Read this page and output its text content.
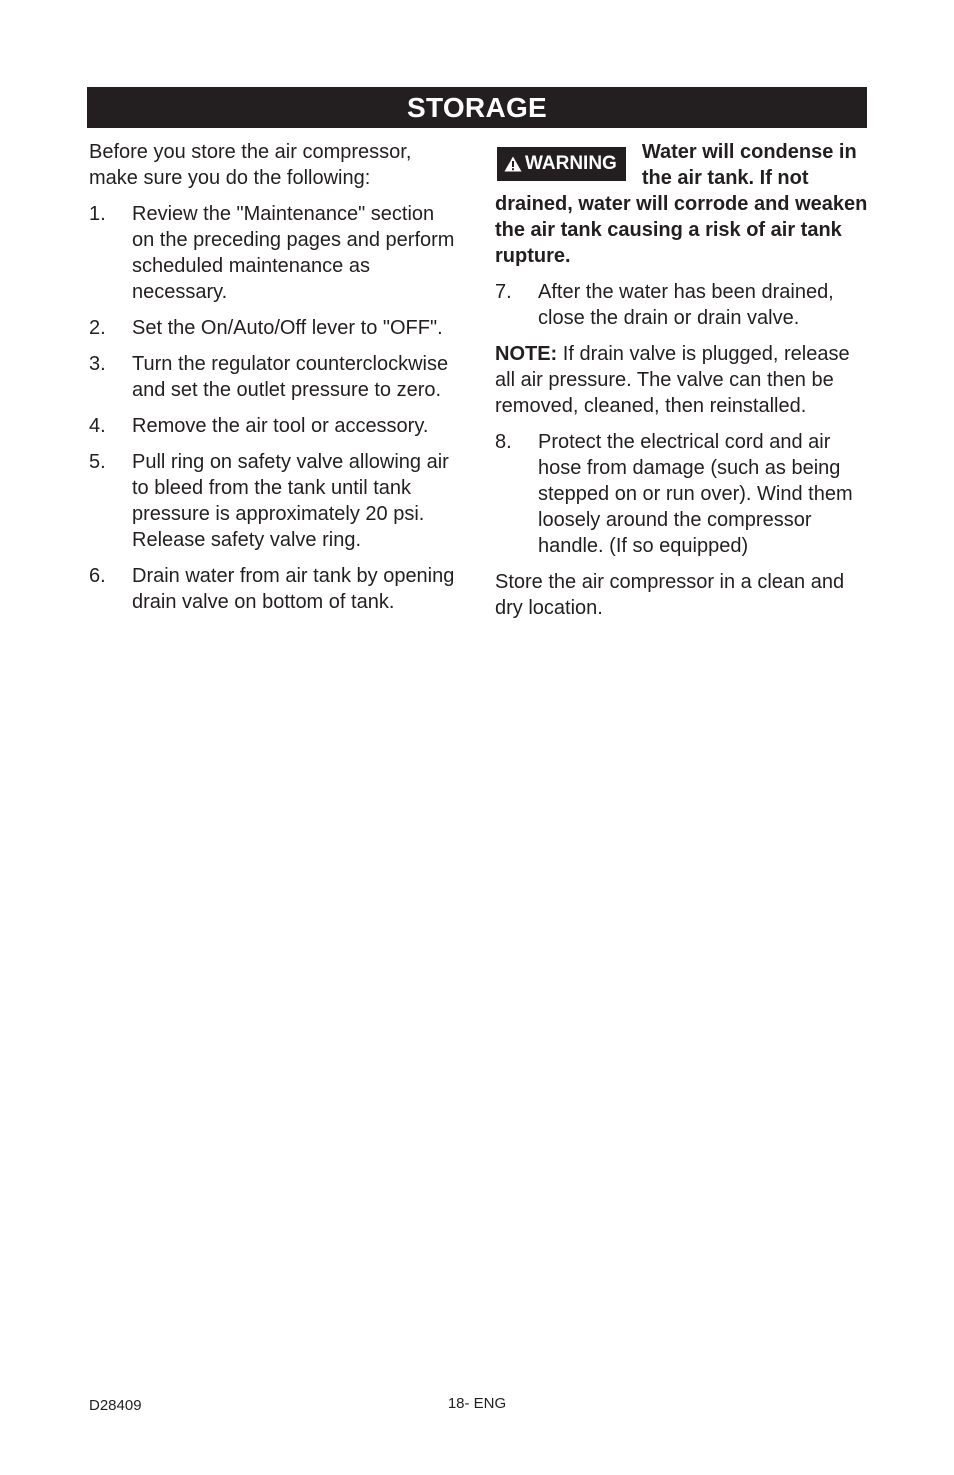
STORAGE

Before you store the air compressor, make sure you do the following:

1.	Review the "Maintenance" section on the preceding pages and perform scheduled maintenance as necessary.
2.	Set the On/Auto/Off lever to "OFF".
3.	Turn the regulator counterclockwise and set the outlet pressure to zero.
4.	Remove the air tool or accessory.
5.	Pull ring on safety valve allowing air to bleed from the tank until tank pressure is approximately 20 psi. Release safety valve ring.
6.	Drain water from air tank by opening drain valve on bottom of tank.
WARNING
Water will condense in the air tank. If not drained, water will corrode and weaken the air tank causing a risk of air tank rupture.
7.	After the water has been drained, close the drain or drain valve.

NOTE: If drain valve is plugged, release all air pressure. The valve can then be removed, cleaned, then reinstalled.

8.	Protect the electrical cord and air hose from damage (such as being stepped on or run over). Wind them loosely around the compressor handle. (If so equipped)

Store the air compressor in a clean and dry location.

D28409	18- ENG
